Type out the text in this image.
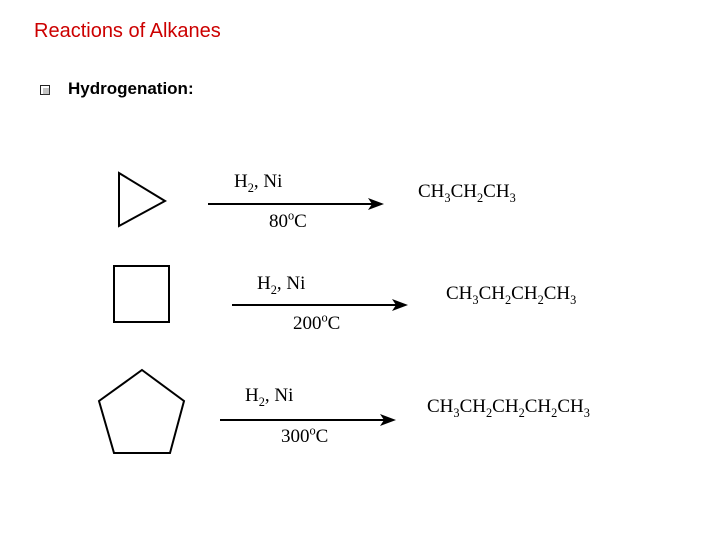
Reactions of Alkanes
Hydrogenation:
$H_2$, Ni
80$^o$C
$CH_3CH_2CH_3$
$H_2$, Ni
200$^o$C
$CH_3CH_2CH_2CH_3$
$H_2$, Ni
300$^o$C
$CH_3CH_2CH_2CH_2CH_3$
